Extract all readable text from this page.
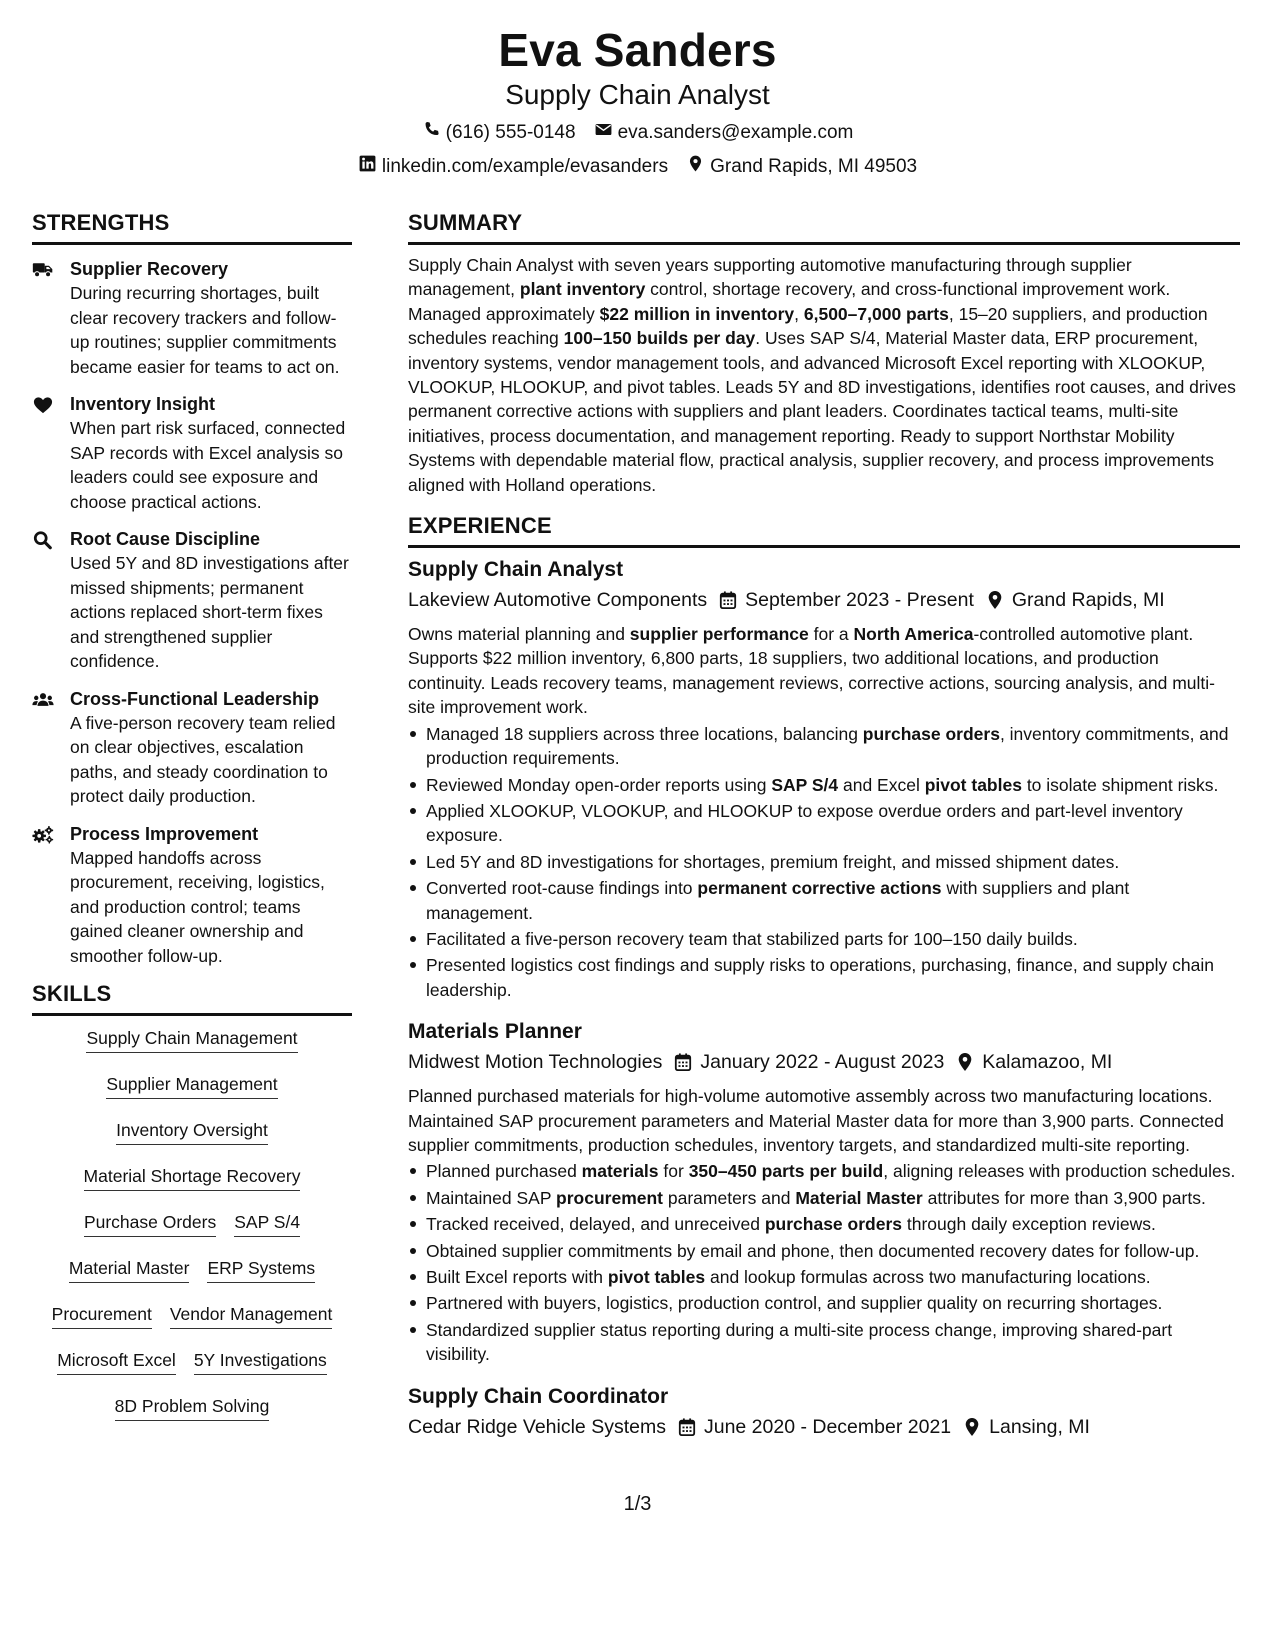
Eva Sanders
Supply Chain Analyst
(616) 555-0148 eva.sanders@example.com
linkedin.com/example/evasanders Grand Rapids, MI 49503
STRENGTHS
Supplier Recovery
During recurring shortages, built clear recovery trackers and follow-up routines; supplier commitments became easier for teams to act on.
Inventory Insight
When part risk surfaced, connected SAP records with Excel analysis so leaders could see exposure and choose practical actions.
Root Cause Discipline
Used 5Y and 8D investigations after missed shipments; permanent actions replaced short-term fixes and strengthened supplier confidence.
Cross-Functional Leadership
A five-person recovery team relied on clear objectives, escalation paths, and steady coordination to protect daily production.
Process Improvement
Mapped handoffs across procurement, receiving, logistics, and production control; teams gained cleaner ownership and smoother follow-up.
SKILLS
Supply Chain Management
Supplier Management
Inventory Oversight
Material Shortage Recovery
Purchase Orders SAP S/4
Material Master ERP Systems
Procurement Vendor Management
Microsoft Excel 5Y Investigations
8D Problem Solving
SUMMARY
Supply Chain Analyst with seven years supporting automotive manufacturing through supplier management, plant inventory control, shortage recovery, and cross-functional improvement work. Managed approximately $22 million in inventory, 6,500–7,000 parts, 15–20 suppliers, and production schedules reaching 100–150 builds per day. Uses SAP S/4, Material Master data, ERP procurement, inventory systems, vendor management tools, and advanced Microsoft Excel reporting with XLOOKUP, VLOOKUP, HLOOKUP, and pivot tables. Leads 5Y and 8D investigations, identifies root causes, and drives permanent corrective actions with suppliers and plant leaders. Coordinates tactical teams, multi-site initiatives, process documentation, and management reporting. Ready to support Northstar Mobility Systems with dependable material flow, practical analysis, supplier recovery, and process improvements aligned with Holland operations.
EXPERIENCE
Supply Chain Analyst
Lakeview Automotive Components September 2023 - Present Grand Rapids, MI
Owns material planning and supplier performance for a North America-controlled automotive plant. Supports $22 million inventory, 6,800 parts, 18 suppliers, two additional locations, and production continuity. Leads recovery teams, management reviews, corrective actions, sourcing analysis, and multi-site improvement work.
Managed 18 suppliers across three locations, balancing purchase orders, inventory commitments, and production requirements.
Reviewed Monday open-order reports using SAP S/4 and Excel pivot tables to isolate shipment risks.
Applied XLOOKUP, VLOOKUP, and HLOOKUP to expose overdue orders and part-level inventory exposure.
Led 5Y and 8D investigations for shortages, premium freight, and missed shipment dates.
Converted root-cause findings into permanent corrective actions with suppliers and plant management.
Facilitated a five-person recovery team that stabilized parts for 100–150 daily builds.
Presented logistics cost findings and supply risks to operations, purchasing, finance, and supply chain leadership.
Materials Planner
Midwest Motion Technologies January 2022 - August 2023 Kalamazoo, MI
Planned purchased materials for high-volume automotive assembly across two manufacturing locations. Maintained SAP procurement parameters and Material Master data for more than 3,900 parts. Connected supplier commitments, production schedules, inventory targets, and standardized multi-site reporting.
Planned purchased materials for 350–450 parts per build, aligning releases with production schedules.
Maintained SAP procurement parameters and Material Master attributes for more than 3,900 parts.
Tracked received, delayed, and unreceived purchase orders through daily exception reviews.
Obtained supplier commitments by email and phone, then documented recovery dates for follow-up.
Built Excel reports with pivot tables and lookup formulas across two manufacturing locations.
Partnered with buyers, logistics, production control, and supplier quality on recurring shortages.
Standardized supplier status reporting during a multi-site process change, improving shared-part visibility.
Supply Chain Coordinator
Cedar Ridge Vehicle Systems June 2020 - December 2021 Lansing, MI
1/3
